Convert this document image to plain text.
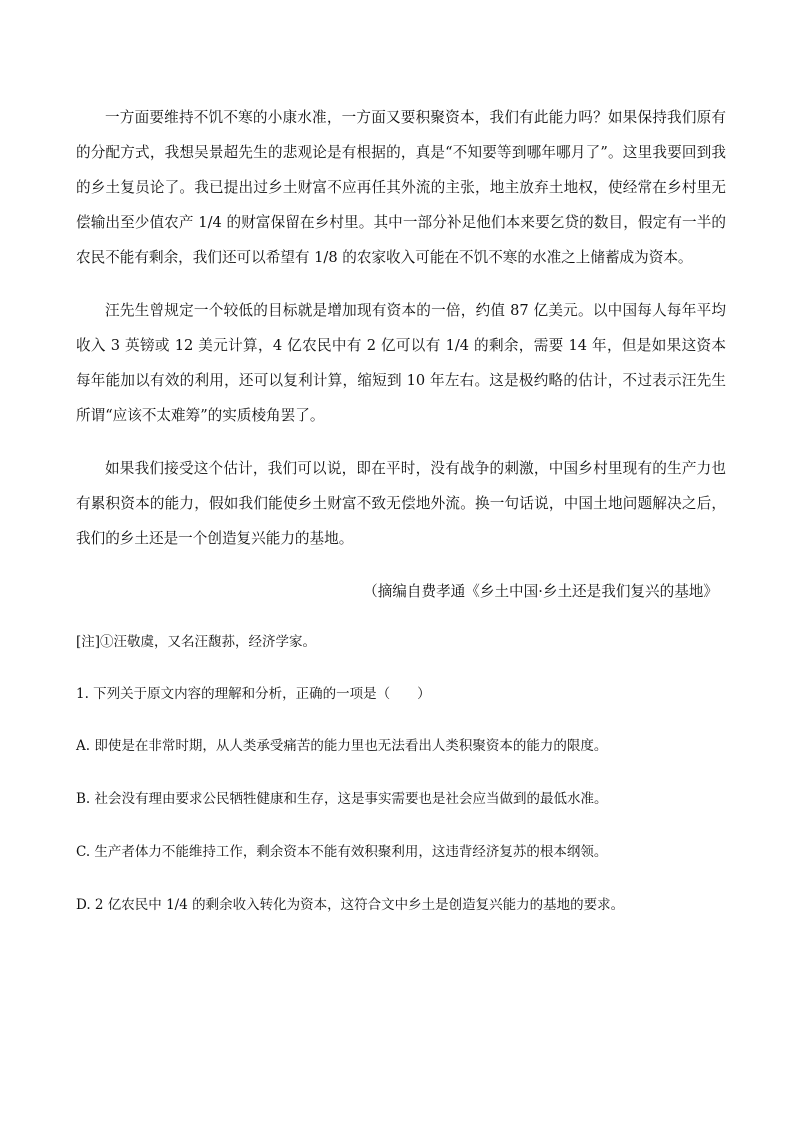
一方面要维持不饥不寒的小康水准，一方面又要积聚资本，我们有此能力吗？如果保持我们原有的分配方式，我想吴景超先生的悲观论是有根据的，真是“不知要等到哪年哪月了”。这里我要回到我的乡土复员论了。我已提出过乡土财富不应再任其外流的主张，地主放弃土地权，使经常在乡村里无偿输出至少值农产 1/4 的财富保留在乡村里。其中一部分补足他们本来要乞贷的数目，假定有一半的农民不能有剩余，我们还可以希望有 1/8 的农家收入可能在不饥不寒的水准之上储蓄成为资本。

汪先生曾规定一个较低的目标就是增加现有资本的一倍，约值 87 亿美元。以中国每人每年平均收入 3 英镑或 12 美元计算，4 亿农民中有 2 亿可以有 1/4 的剩余，需要 14 年，但是如果这资本每年能加以有效的利用，还可以复利计算，缩短到 10 年左右。这是极约略的估计，不过表示汪先生所谓“应该不太难筹”的实质棱角罢了。

如果我们接受这个估计，我们可以说，即在平时，没有战争的刺激，中国乡村里现有的生产力也有累积资本的能力，假如我们能使乡土财富不致无偿地外流。换一句话说，中国土地问题解决之后，我们的乡土还是一个创造复兴能力的基地。

（摘编自费孝通《乡土中国·乡土还是我们复兴的基地》

[注]①汪敬虞，又名汪馥荪，经济学家。

1. 下列关于原文内容的理解和分析，正确的一项是（　　）

A. 即使是在非常时期，从人类承受痛苦的能力里也无法看出人类积聚资本的能力的限度。

B. 社会没有理由要求公民牺牲健康和生存，这是事实需要也是社会应当做到的最低水准。

C. 生产者体力不能维持工作，剩余资本不能有效积聚利用，这违背经济复苏的根本纲领。

D. 2 亿农民中 1/4 的剩余收入转化为资本，这符合文中乡土是创造复兴能力的基地的要求。
